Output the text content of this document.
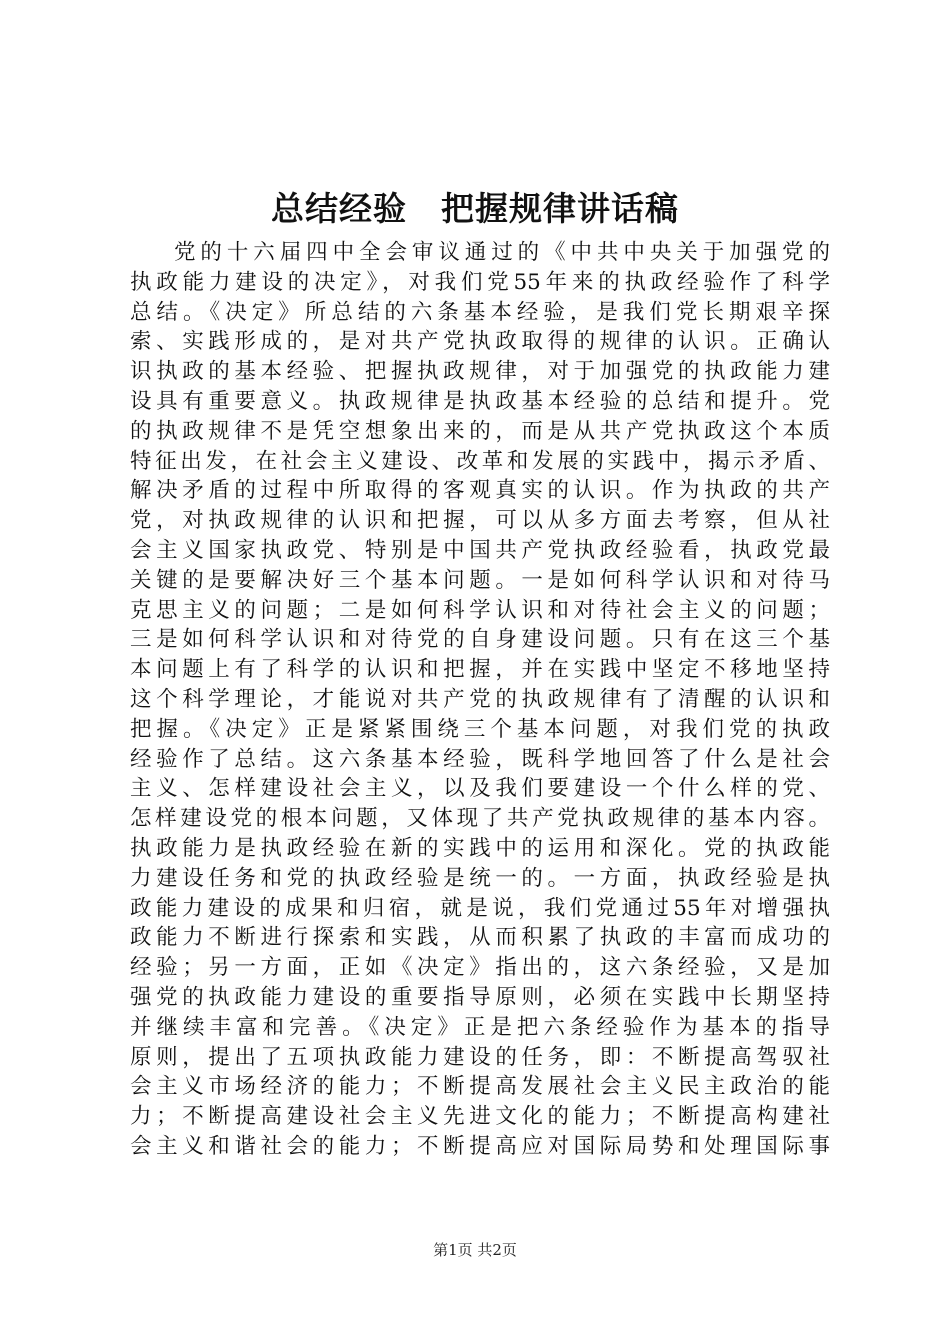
总结经验　把握规律讲话稿
党的十六届四中全会审议通过的《中共中央关于加强党的
执政能力建设的决定》，对我们党55年来的执政经验作了科学
总结。《决定》所总结的六条基本经验，是我们党长期艰辛探
索、实践形成的，是对共产党执政取得的规律的认识。正确认
识执政的基本经验、把握执政规律，对于加强党的执政能力建
设具有重要意义。执政规律是执政基本经验的总结和提升。党
的执政规律不是凭空想象出来的，而是从共产党执政这个本质
特征出发，在社会主义建设、改革和发展的实践中，揭示矛盾、
解决矛盾的过程中所取得的客观真实的认识。作为执政的共产
党，对执政规律的认识和把握，可以从多方面去考察，但从社
会主义国家执政党、特别是中国共产党执政经验看，执政党最
关键的是要解决好三个基本问题。一是如何科学认识和对待马
克思主义的问题；二是如何科学认识和对待社会主义的问题；
三是如何科学认识和对待党的自身建设问题。只有在这三个基
本问题上有了科学的认识和把握，并在实践中坚定不移地坚持
这个科学理论，才能说对共产党的执政规律有了清醒的认识和
把握。《决定》正是紧紧围绕三个基本问题，对我们党的执政
经验作了总结。这六条基本经验，既科学地回答了什么是社会
主义、怎样建设社会主义，以及我们要建设一个什么样的党、
怎样建设党的根本问题，又体现了共产党执政规律的基本内容。
执政能力是执政经验在新的实践中的运用和深化。党的执政能
力建设任务和党的执政经验是统一的。一方面，执政经验是执
政能力建设的成果和归宿，就是说，我们党通过55年对增强执
政能力不断进行探索和实践，从而积累了执政的丰富而成功的
经验；另一方面，正如《决定》指出的，这六条经验，又是加
强党的执政能力建设的重要指导原则，必须在实践中长期坚持
并继续丰富和完善。《决定》正是把六条经验作为基本的指导
原则，提出了五项执政能力建设的任务，即：不断提高驾驭社
会主义市场经济的能力；不断提高发展社会主义民主政治的能
力；不断提高建设社会主义先进文化的能力；不断提高构建社
会主义和谐社会的能力；不断提高应对国际局势和处理国际事
第1页 共2页
